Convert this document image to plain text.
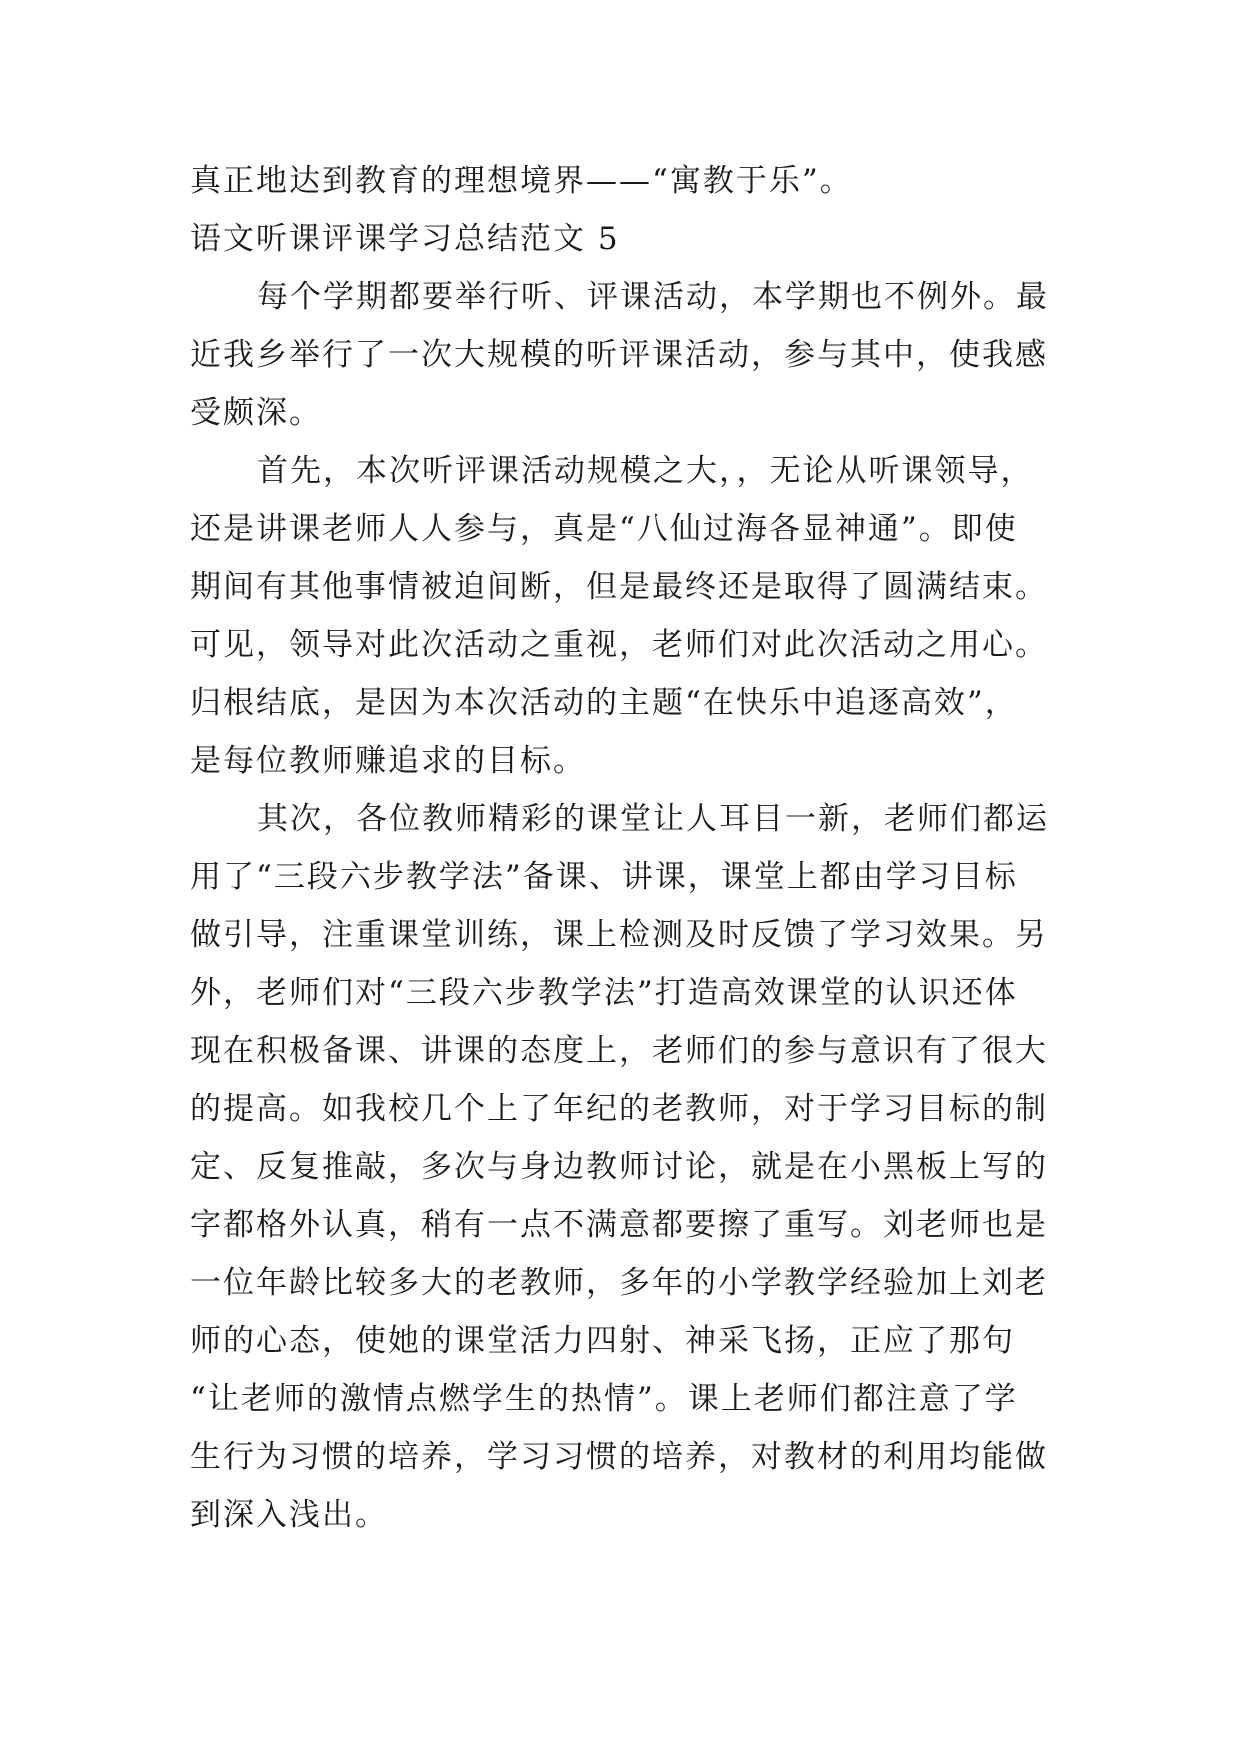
真正地达到教育的理想境界——“寓教于乐”。
语文听课评课学习总结范文 5
每个学期都要举行听、评课活动，本学期也不例外。最
近我乡举行了一次大规模的听评课活动，参与其中，使我感
受颇深。
首先，本次听评课活动规模之大，，无论从听课领导，
还是讲课老师人人参与，真是“八仙过海各显神通”。即使
期间有其他事情被迫间断，但是最终还是取得了圆满结束。
可见，领导对此次活动之重视，老师们对此次活动之用心。
归根结底，是因为本次活动的主题“在快乐中追逐高效”，
是每位教师赚追求的目标。
其次，各位教师精彩的课堂让人耳目一新，老师们都运
用了“三段六步教学法”备课、讲课，课堂上都由学习目标
做引导，注重课堂训练，课上检测及时反馈了学习效果。另
外，老师们对“三段六步教学法”打造高效课堂的认识还体
现在积极备课、讲课的态度上，老师们的参与意识有了很大
的提高。如我校几个上了年纪的老教师，对于学习目标的制
定、反复推敲，多次与身边教师讨论，就是在小黑板上写的
字都格外认真，稍有一点不满意都要擦了重写。刘老师也是
一位年龄比较多大的老教师，多年的小学教学经验加上刘老
师的心态，使她的课堂活力四射、神采飞扬，正应了那句
“让老师的激情点燃学生的热情”。课上老师们都注意了学
生行为习惯的培养，学习习惯的培养，对教材的利用均能做
到深入浅出。
